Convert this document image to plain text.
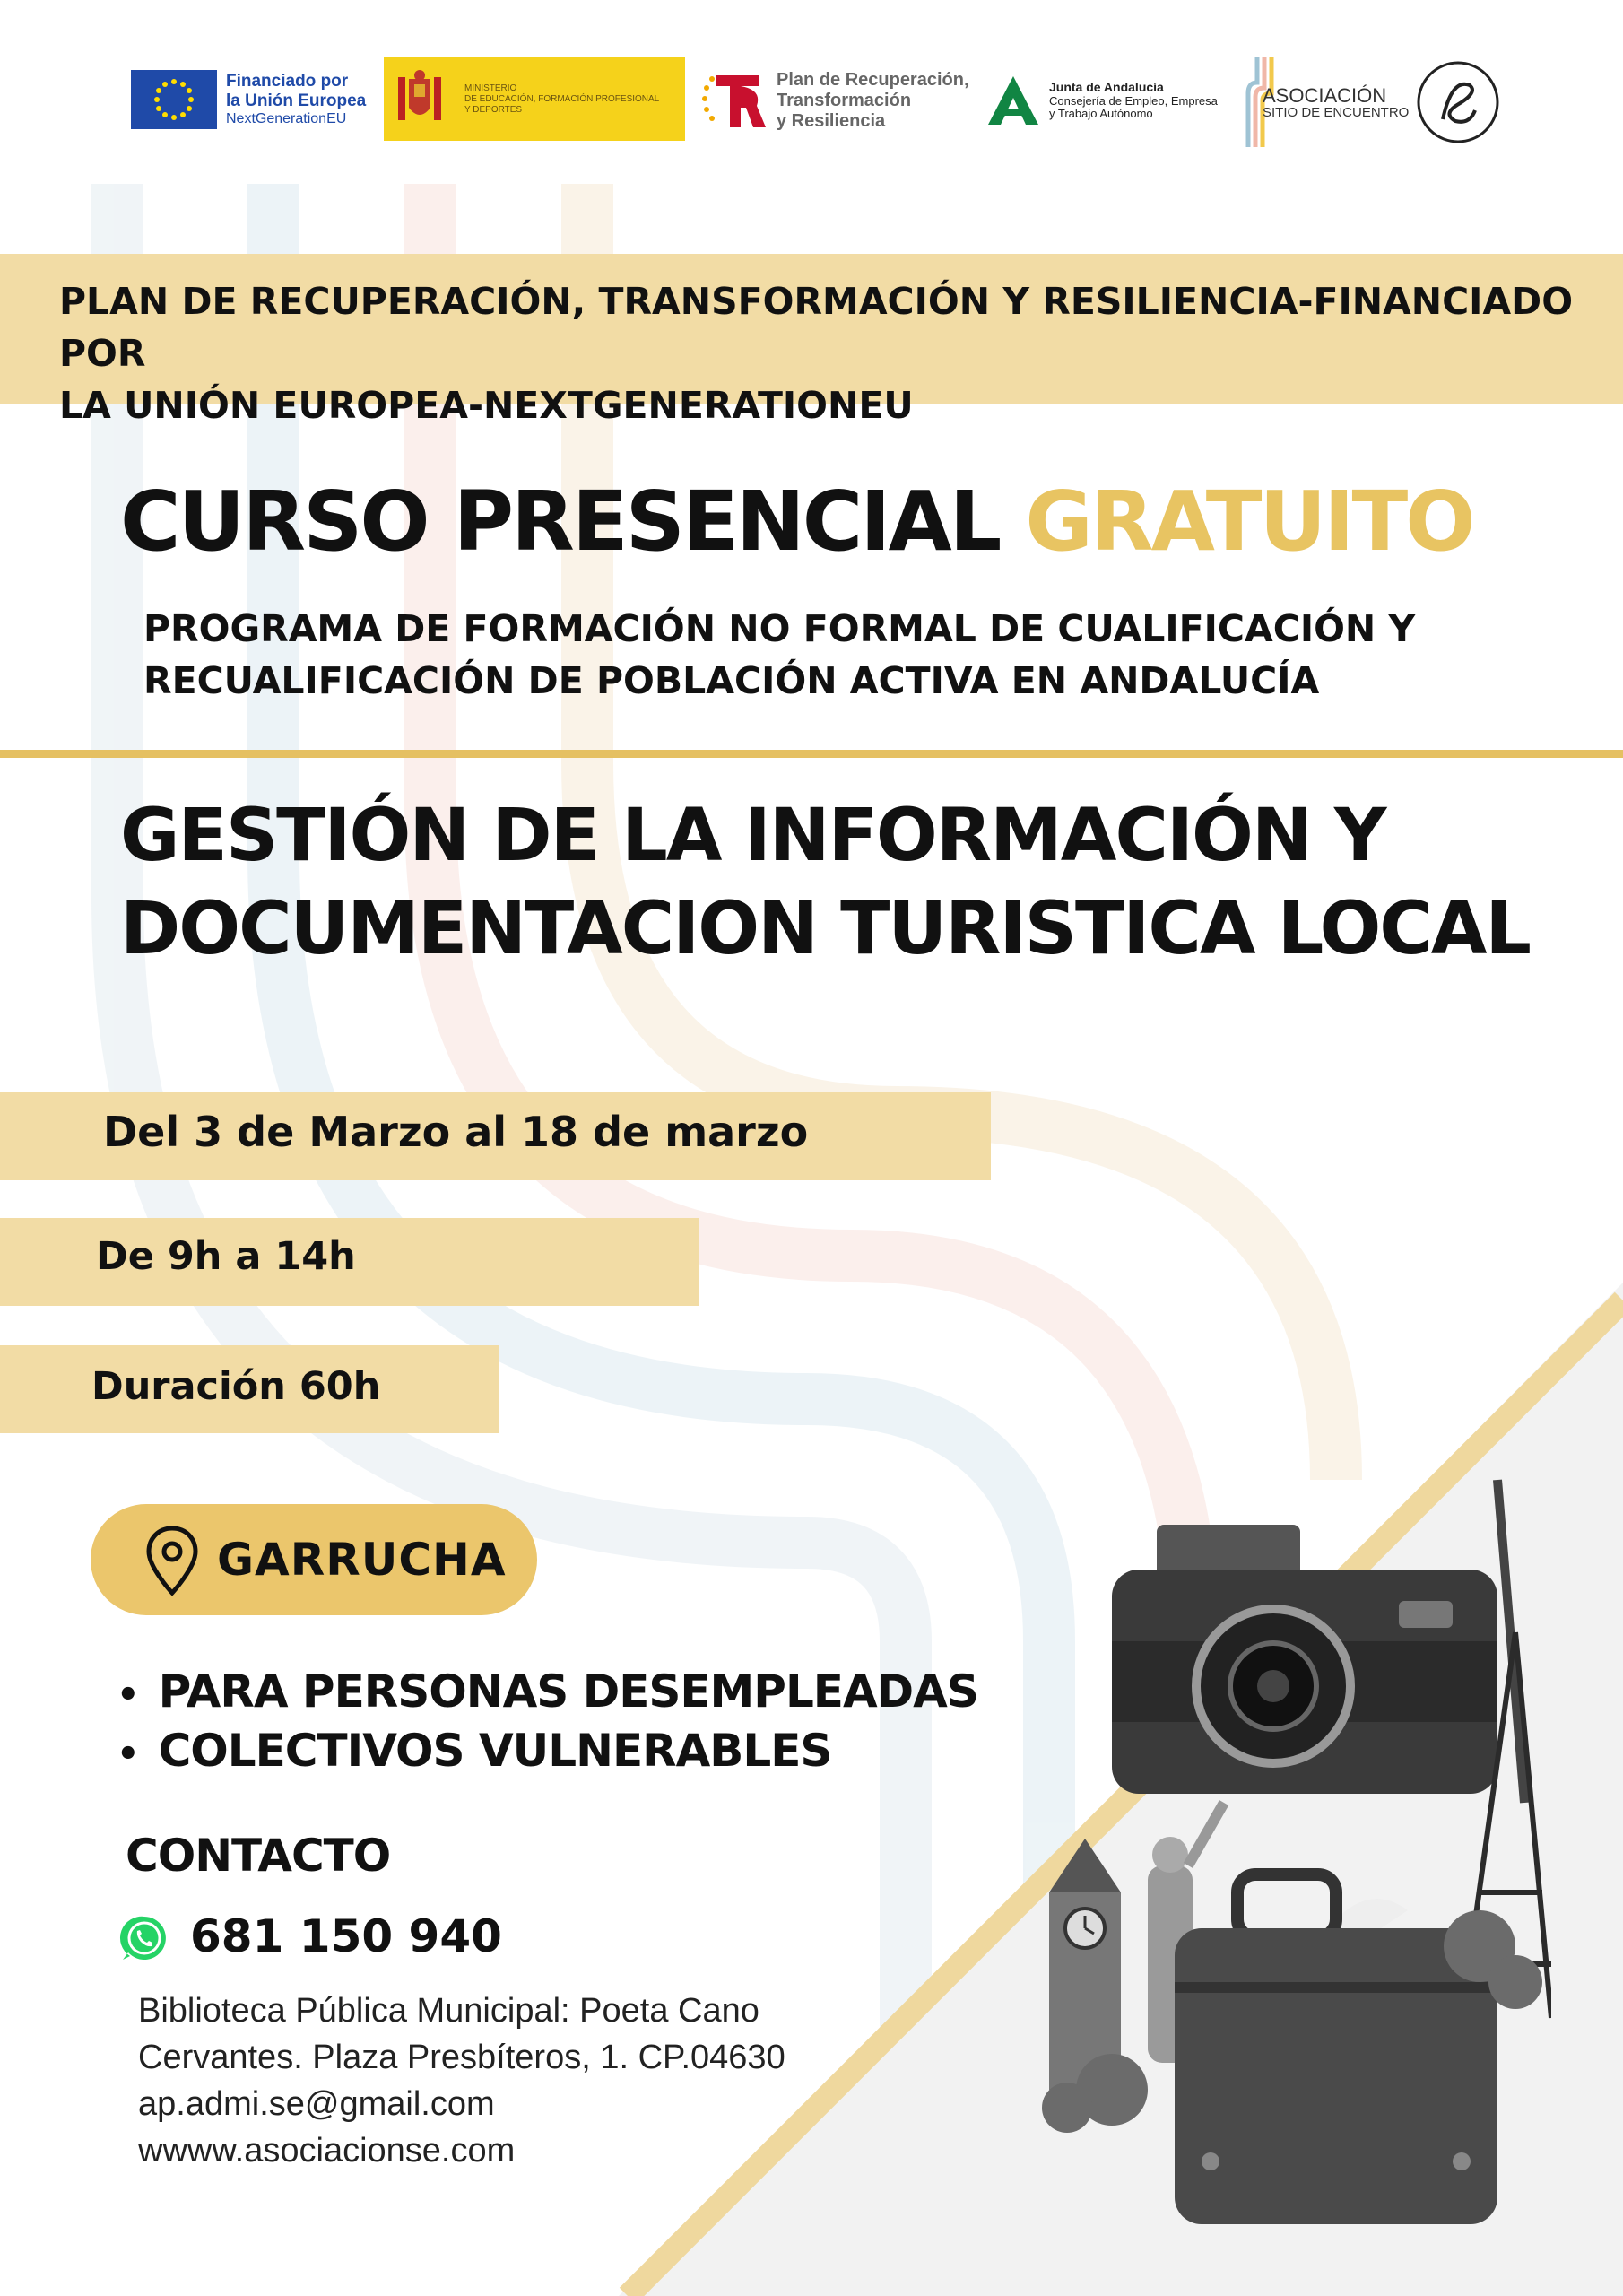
Financiado por
la Unión Europea
NextGenerationEU
MINISTERIO
DE EDUCACIÓN, FORMACIÓN PROFESIONAL
Y DEPORTES
Plan de Recuperación,
Transformación
y Resiliencia
Junta de Andalucía
Consejería de Empleo, Empresa
y Trabajo Autónomo
ASOCIACIÓN
SITIO DE ENCUENTRO
PLAN DE RECUPERACIÓN, TRANSFORMACIÓN Y RESILIENCIA-FINANCIADO POR
LA UNIÓN EUROPEA-NEXTGENERATIONEU
CURSO PRESENCIAL GRATUITO
PROGRAMA DE FORMACIÓN NO FORMAL DE CUALIFICACIÓN Y
RECUALIFICACIÓN DE POBLACIÓN ACTIVA EN ANDALUCÍA
GESTIÓN DE LA INFORMACIÓN Y
DOCUMENTACION TURISTICA LOCAL
Del 3 de Marzo al 18 de marzo
De 9h a 14h
Duración 60h
GARRUCHA
• PARA PERSONAS DESEMPLEADAS
• COLECTIVOS VULNERABLES
CONTACTO
681 150 940
Biblioteca Pública Municipal: Poeta Cano
Cervantes. Plaza Presbíteros, 1. CP.04630
ap.admi.se@gmail.com
wwww.asociacionse.com
